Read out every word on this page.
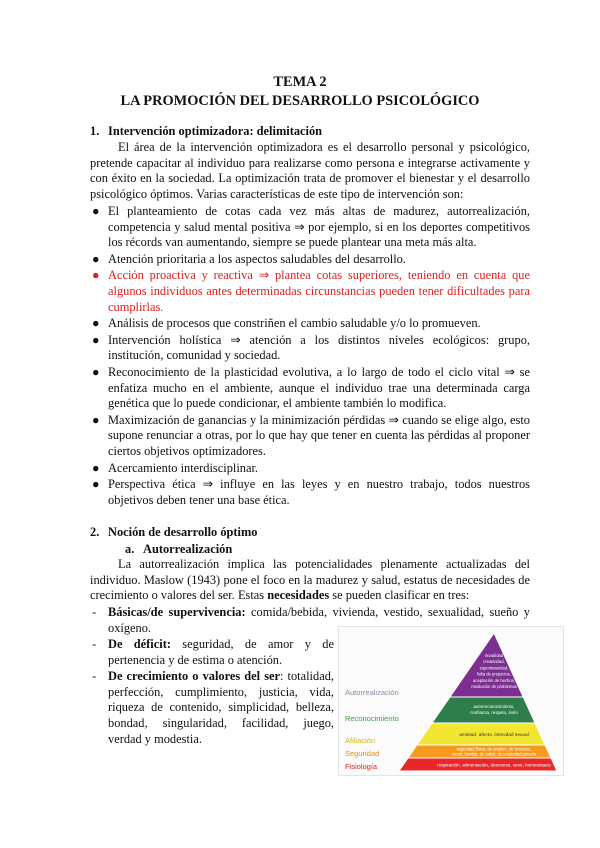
TEMA 2
LA PROMOCIÓN DEL DESARROLLO PSICOLÓGICO
1. Intervención optimizadora: delimitación
El área de la intervención optimizadora es el desarrollo personal y psicológico, pretende capacitar al individuo para realizarse como persona e integrarse activamente y con éxito en la sociedad. La optimización trata de promover el bienestar y el desarrollo psicológico óptimos. Varias características de este tipo de intervención son:
● El planteamiento de cotas cada vez más altas de madurez, autorrealización, competencia y salud mental positiva ⇒ por ejemplo, si en los deportes competitivos los récords van aumentando, siempre se puede plantear una meta más alta.
● Atención prioritaria a los aspectos saludables del desarrollo.
● Acción proactiva y reactiva ⇒ plantea cotas superiores, teniendo en cuenta que algunos individuos antes determinadas circunstancias pueden tener dificultades para cumplirlas.
● Análisis de procesos que constriñen el cambio saludable y/o lo promueven.
● Intervención holística ⇒ atención a los distintos niveles ecológicos: grupo, institución, comunidad y sociedad.
● Reconocimiento de la plasticidad evolutiva, a lo largo de todo el ciclo vital ⇒ se enfatiza mucho en el ambiente, aunque el individuo trae una determinada carga genética que lo puede condicionar, el ambiente también lo modifica.
● Maximización de ganancias y la minimización pérdidas ⇒ cuando se elige algo, esto supone renunciar a otras, por lo que hay que tener en cuenta las pérdidas al proponer ciertos objetivos optimizadores.
● Acercamiento interdisciplinar.
● Perspectiva ética ⇒ influye en las leyes y en nuestro trabajo, todos nuestros objetivos deben tener una base ética.
2. Noción de desarrollo óptimo
a. Autorrealización
La autorrealización implica las potencialidades plenamente actualizadas del individuo. Maslow (1943) pone el foco en la madurez y salud, estatus de necesidades de crecimiento o valores del ser. Estas necesidades se pueden clasificar en tres:
- Básicas/de supervivencia: comida/bebida, vivienda, vestido, sexualidad, sueño y oxígeno.
- De déficit: seguridad, de amor y de pertenencia y de estima o atención.
- De crecimiento o valores del ser: totalidad, perfección, cumplimiento, justicia, vida, riqueza de contenido, simplicidad, belleza, bondad, singularidad, facilidad, juego, verdad y modestia.
Autorrealización
moralidad creatividad, espontaneidad, falta de prejuicios, aceptación de hechos, resolución de problemas
Reconocimiento
autorreconocimiento, confianza, respeto, éxito
Afiliación
amistad, afecto, intimidad sexual
Seguridad	seguridad física, de empleo, de recursos, moral, familiar, de salud, de propiedad privada
Fisiología	respiración, alimentación, descanso, sexo, homeostasis
